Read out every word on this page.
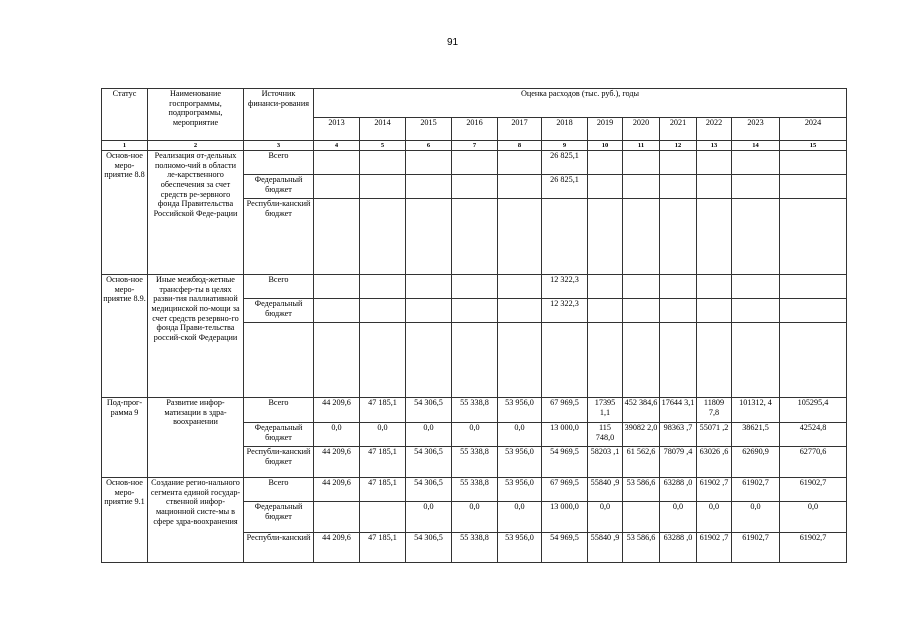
91
Статус	Наименование госпрограммы, подпрограммы, мероприятие	Источник финанси-рования	Оценка расходов (тыс. руб.), годы											
			2013	2014	2015	2016	2017	2018	2019	2020	2021	2022	2023	2024
1	2	3	4	5	6	7	8	9	10	11	12	13	14	15
Основ-ное меро-приятие 8.8	Реализация от-дельных полномо-чий в области ле-карственного обеспечения за счет средств ре-зервного фонда Правительства Российской Феде-рации	Всего						26 825,1						
		Федеральный бюджет						26 825,1						
		Республи-канский бюджет												
Основ-ное меро-приятие 8.9.	Иные межбюд-жетные трансфер-ты в целях разви-тия паллиативной медицинской по-мощи за счет средств резервно-го фонда Прави-тельства россий-ской Федерации	Всего						12 322,3						
		Федеральный бюджет						12 322,3						

Под-прог-рамма 9	Развитие инфор-матизации в здра-воохранении	Всего	44 209,6	47 185,1	54 306,5	55 338,8	53 956,0	67 969,5	17395 1,1	452 384,6	17644 3,1	11809 7,8	101312, 4	105295,4
		Федеральный бюджет	0,0	0,0	0,0	0,0	0,0	13 000,0	115 748,0	39082 2,0	98363 ,7	55071 ,2	38621,5	42524,8
		Республи-канский бюджет	44 209,6	47 185,1	54 306,5	55 338,8	53 956,0	54 969,5	58203 ,1	61 562,6	78079 ,4	63026 ,6	62690,9	62770,6
Основ-ное меро-приятие 9.1	Создание регио-нального сегмента единой государ-ственной инфор-мационной систе-мы в сфере здра-воохранения	Всего	44 209,6	47 185,1	54 306,5	55 338,8	53 956,0	67 969,5	55840 ,9	53 586,6	63288 ,0	61902 ,7	61902,7	61902,7
		Федеральный бюджет			0,0	0,0	0,0	13 000,0	0,0		0,0	0,0	0,0	0,0
		Республи-канский	44 209,6	47 185,1	54 306,5	55 338,8	53 956,0	54 969,5	55840 ,9	53 586,6	63288 ,0	61902 ,7	61902,7	61902,7
